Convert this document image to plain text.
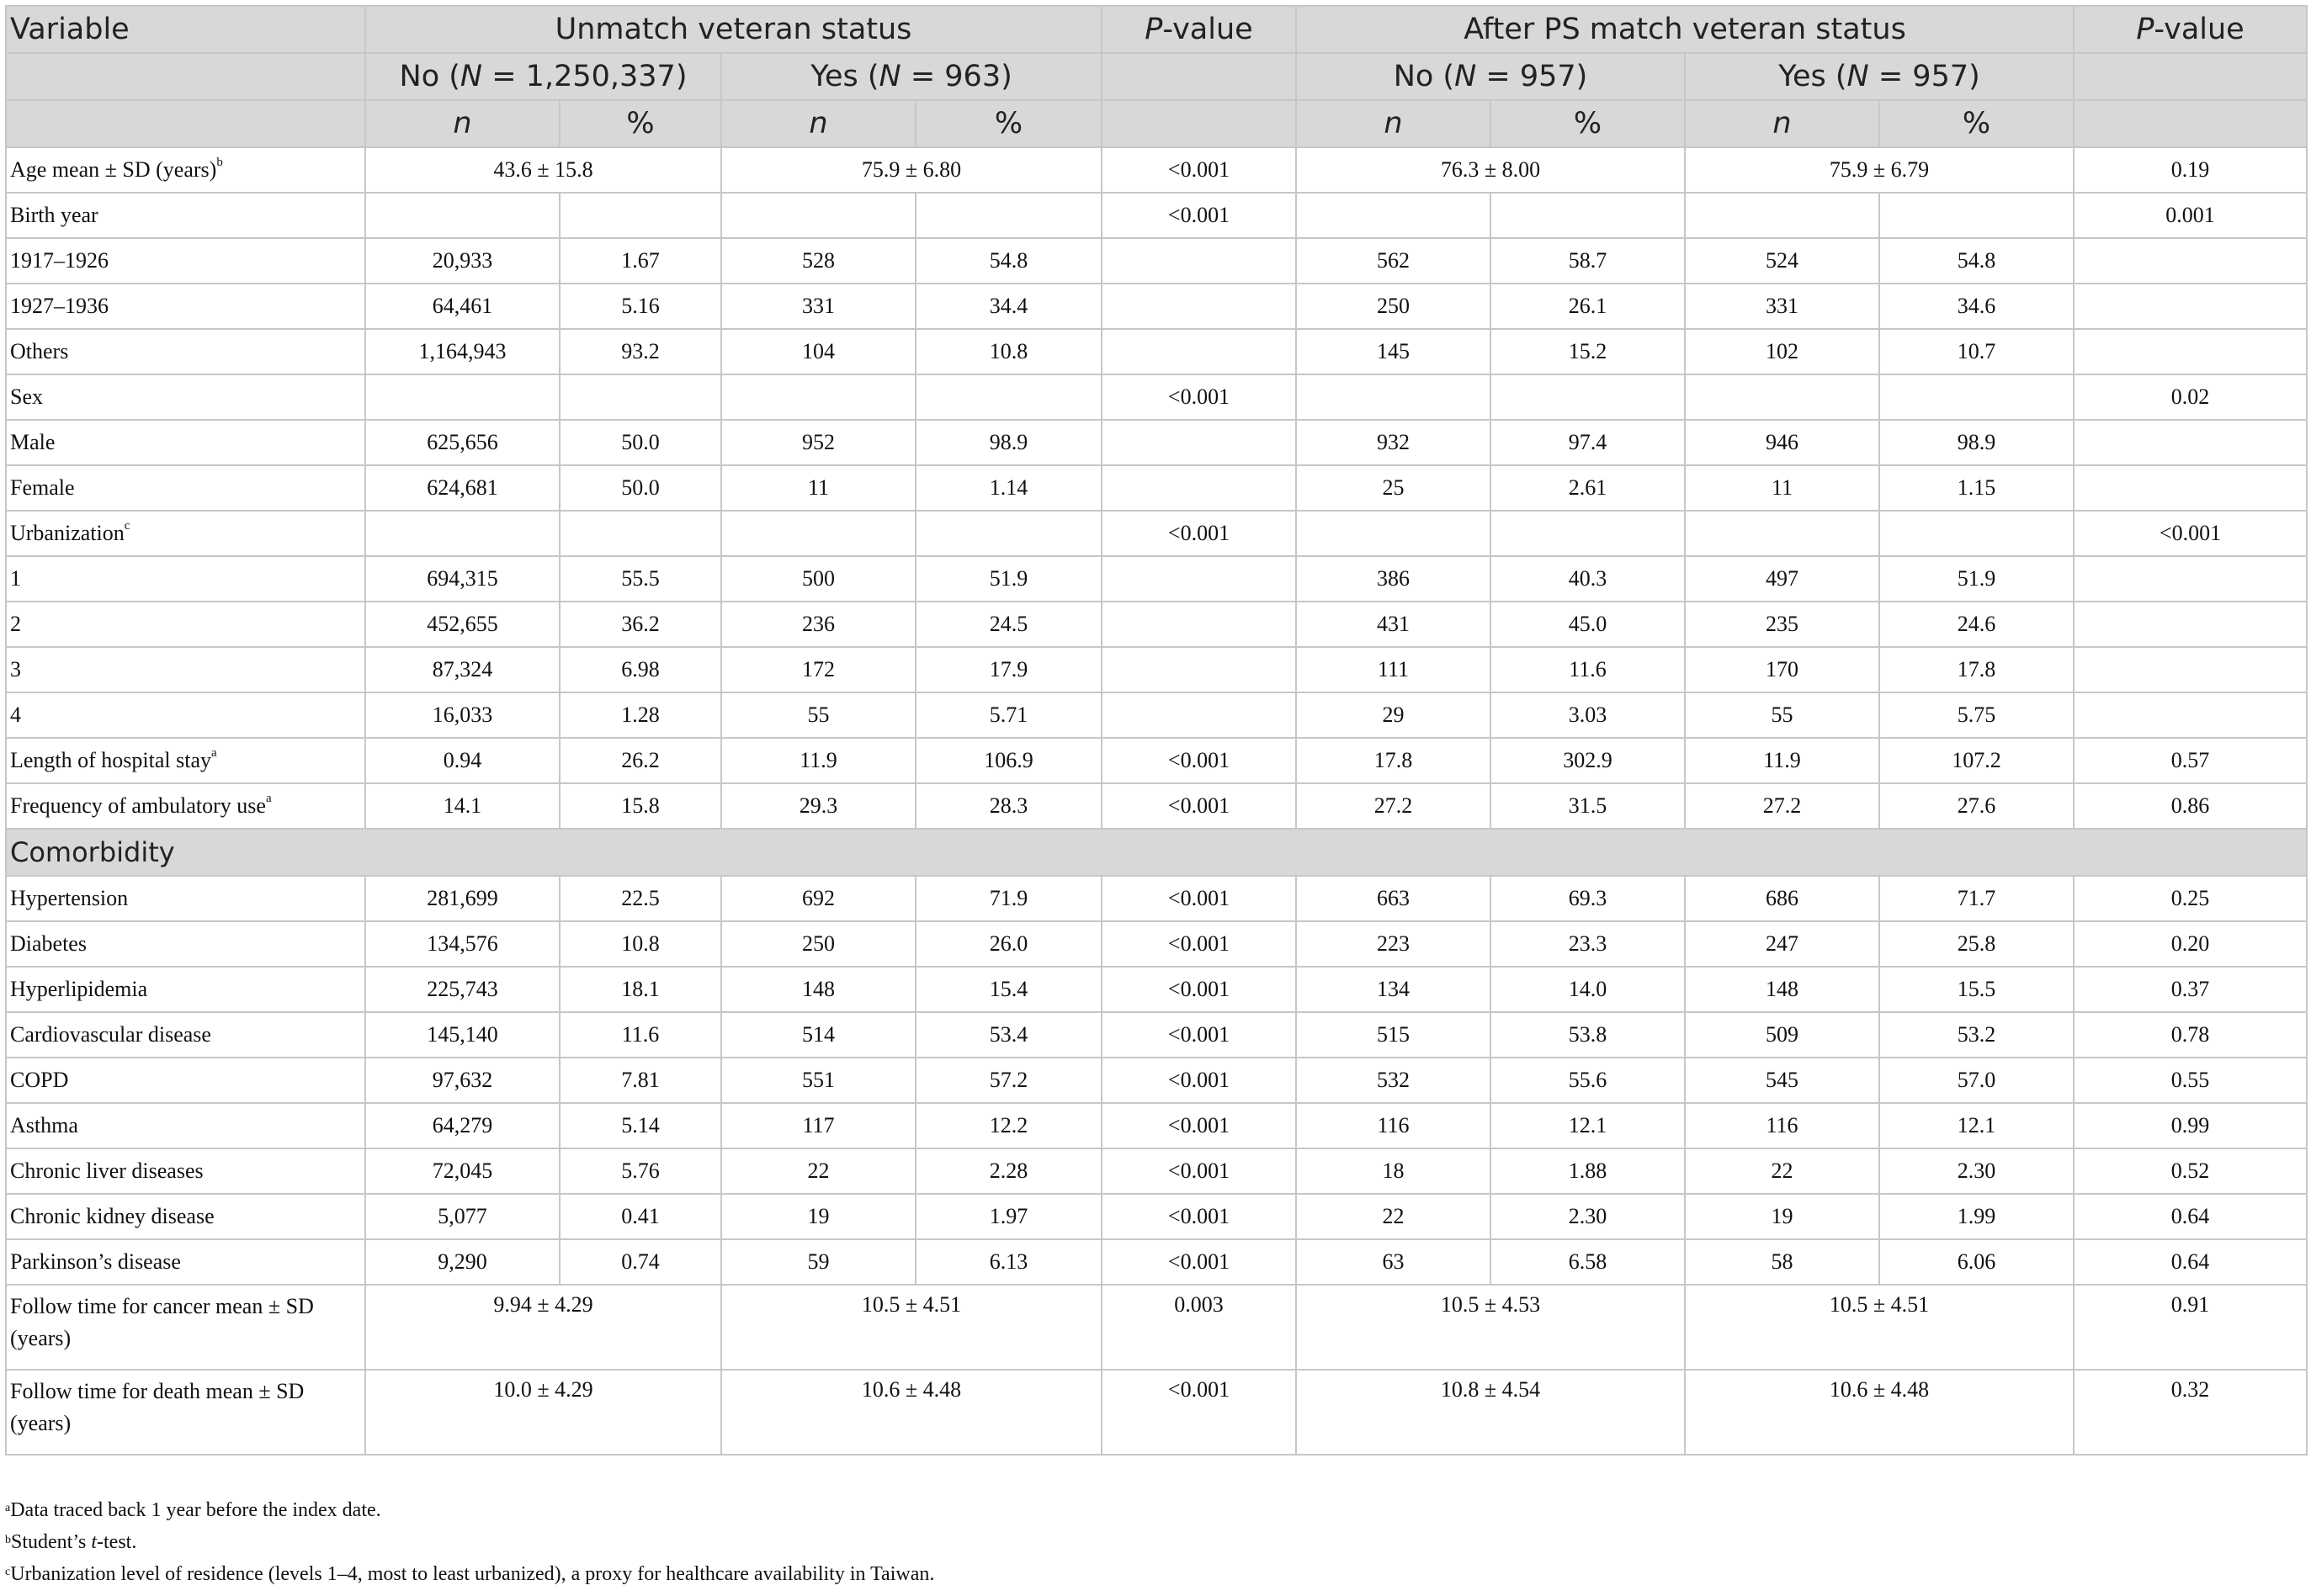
Variable	Unmatch veteran status				P-value	After PS match veteran status				P-value
	No (N = 1,250,337)		Yes (N = 963)			No (N = 957)		Yes (N = 957)		
	n	%	n	%		n	%	n	%	
Age mean ± SD (years)$^b$	43.6 ± 15.8		75.9 ± 6.80		<0.001	76.3 ± 8.00		75.9 ± 6.79		0.19
Birth year					<0.001					0.001
1917–1926	20,933	1.67	528	54.8		562	58.7	524	54.8	
1927–1936	64,461	5.16	331	34.4		250	26.1	331	34.6	
Others	1,164,943	93.2	104	10.8		145	15.2	102	10.7	
Sex					<0.001					0.02
Male	625,656	50.0	952	98.9		932	97.4	946	98.9	
Female	624,681	50.0	11	1.14		25	2.61	11	1.15	
Urbanization$^c$					<0.001					<0.001
1	694,315	55.5	500	51.9		386	40.3	497	51.9	
2	452,655	36.2	236	24.5		431	45.0	235	24.6	
3	87,324	6.98	172	17.9		111	11.6	170	17.8	
4	16,033	1.28	55	5.71		29	3.03	55	5.75	
Length of hospital stay$^a$	0.94	26.2	11.9	106.9	<0.001	17.8	302.9	11.9	107.2	0.57
Frequency of ambulatory use$^a$	14.1	15.8	29.3	28.3	<0.001	27.2	31.5	27.2	27.6	0.86
Comorbidity										
Hypertension	281,699	22.5	692	71.9	<0.001	663	69.3	686	71.7	0.25
Diabetes	134,576	10.8	250	26.0	<0.001	223	23.3	247	25.8	0.20
Hyperlipidemia	225,743	18.1	148	15.4	<0.001	134	14.0	148	15.5	0.37
Cardiovascular disease	145,140	11.6	514	53.4	<0.001	515	53.8	509	53.2	0.78
COPD	97,632	7.81	551	57.2	<0.001	532	55.6	545	57.0	0.55
Asthma	64,279	5.14	117	12.2	<0.001	116	12.1	116	12.1	0.99
Chronic liver diseases	72,045	5.76	22	2.28	<0.001	18	1.88	22	2.30	0.52
Chronic kidney disease	5,077	0.41	19	1.97	<0.001	22	2.30	19	1.99	0.64
Parkinson’s disease	9,290	0.74	59	6.13	<0.001	63	6.58	58	6.06	0.64
Follow time for cancer mean ± SD (years)	9.94 ± 4.29		10.5 ± 4.51		0.003	10.5 ± 4.53		10.5 ± 4.51		0.91
Follow time for death mean ± SD (years)	10.0 ± 4.29		10.6 ± 4.48		<0.001	10.8 ± 4.54		10.6 ± 4.48		0.32
$^a$Data traced back 1 year before the index date.
$^b$Student’s t-test.
$^c$Urbanization level of residence (levels 1–4, most to least urbanized), a proxy for healthcare availability in Taiwan.
